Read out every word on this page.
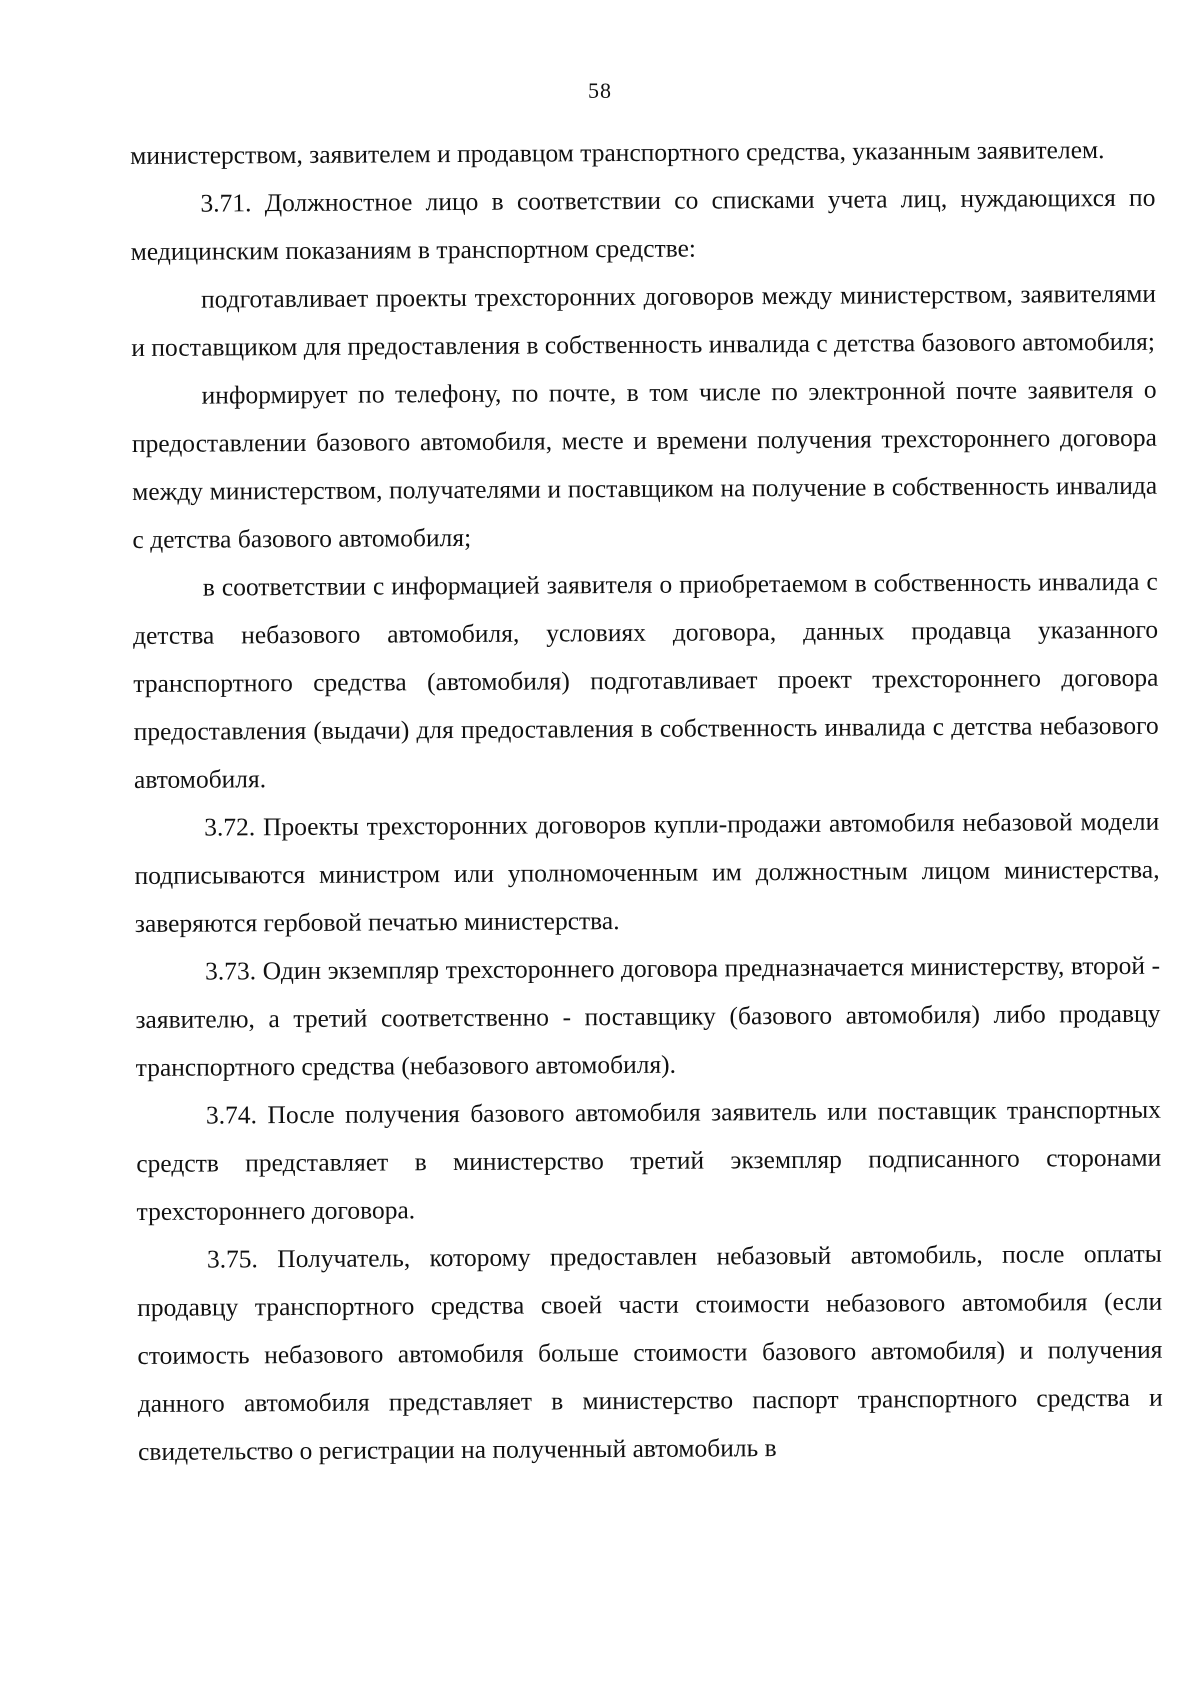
58

министерством, заявителем и продавцом транспортного средства, указанным заявителем.

3.71. Должностное лицо в соответствии со списками учета лиц, нуждающихся по медицинским показаниям в транспортном средстве:

подготавливает проекты трехсторонних договоров между министерством, заявителями и поставщиком для предоставления в собственность инвалида с детства базового автомобиля;

информирует по телефону, по почте, в том числе по электронной почте заявителя о предоставлении базового автомобиля, месте и времени получения трехстороннего договора между министерством, получателями и поставщиком на получение в собственность инвалида с детства базового автомобиля;

в соответствии с информацией заявителя о приобретаемом в собственность инвалида с детства небазового автомобиля, условиях договора, данных продавца указанного транспортного средства (автомобиля) подготавливает проект трехстороннего договора предоставления (выдачи) для предоставления в собственность инвалида с детства небазового автомобиля.

3.72. Проекты трехсторонних договоров купли-продажи автомобиля небазовой модели подписываются министром или уполномоченным им должностным лицом министерства, заверяются гербовой печатью министерства.

3.73. Один экземпляр трехстороннего договора предназначается министерству, второй - заявителю, а третий соответственно - поставщику (базового автомобиля) либо продавцу транспортного средства (небазового автомобиля).

3.74. После получения базового автомобиля заявитель или поставщик транспортных средств представляет в министерство третий экземпляр подписанного сторонами трехстороннего договора.

3.75. Получатель, которому предоставлен небазовый автомобиль, после оплаты продавцу транспортного средства своей части стоимости небазового автомобиля (если стоимость небазового автомобиля больше стоимости базового автомобиля) и получения данного автомобиля представляет в министерство паспорт транспортного средства и свидетельство о регистрации на полученный автомобиль в
